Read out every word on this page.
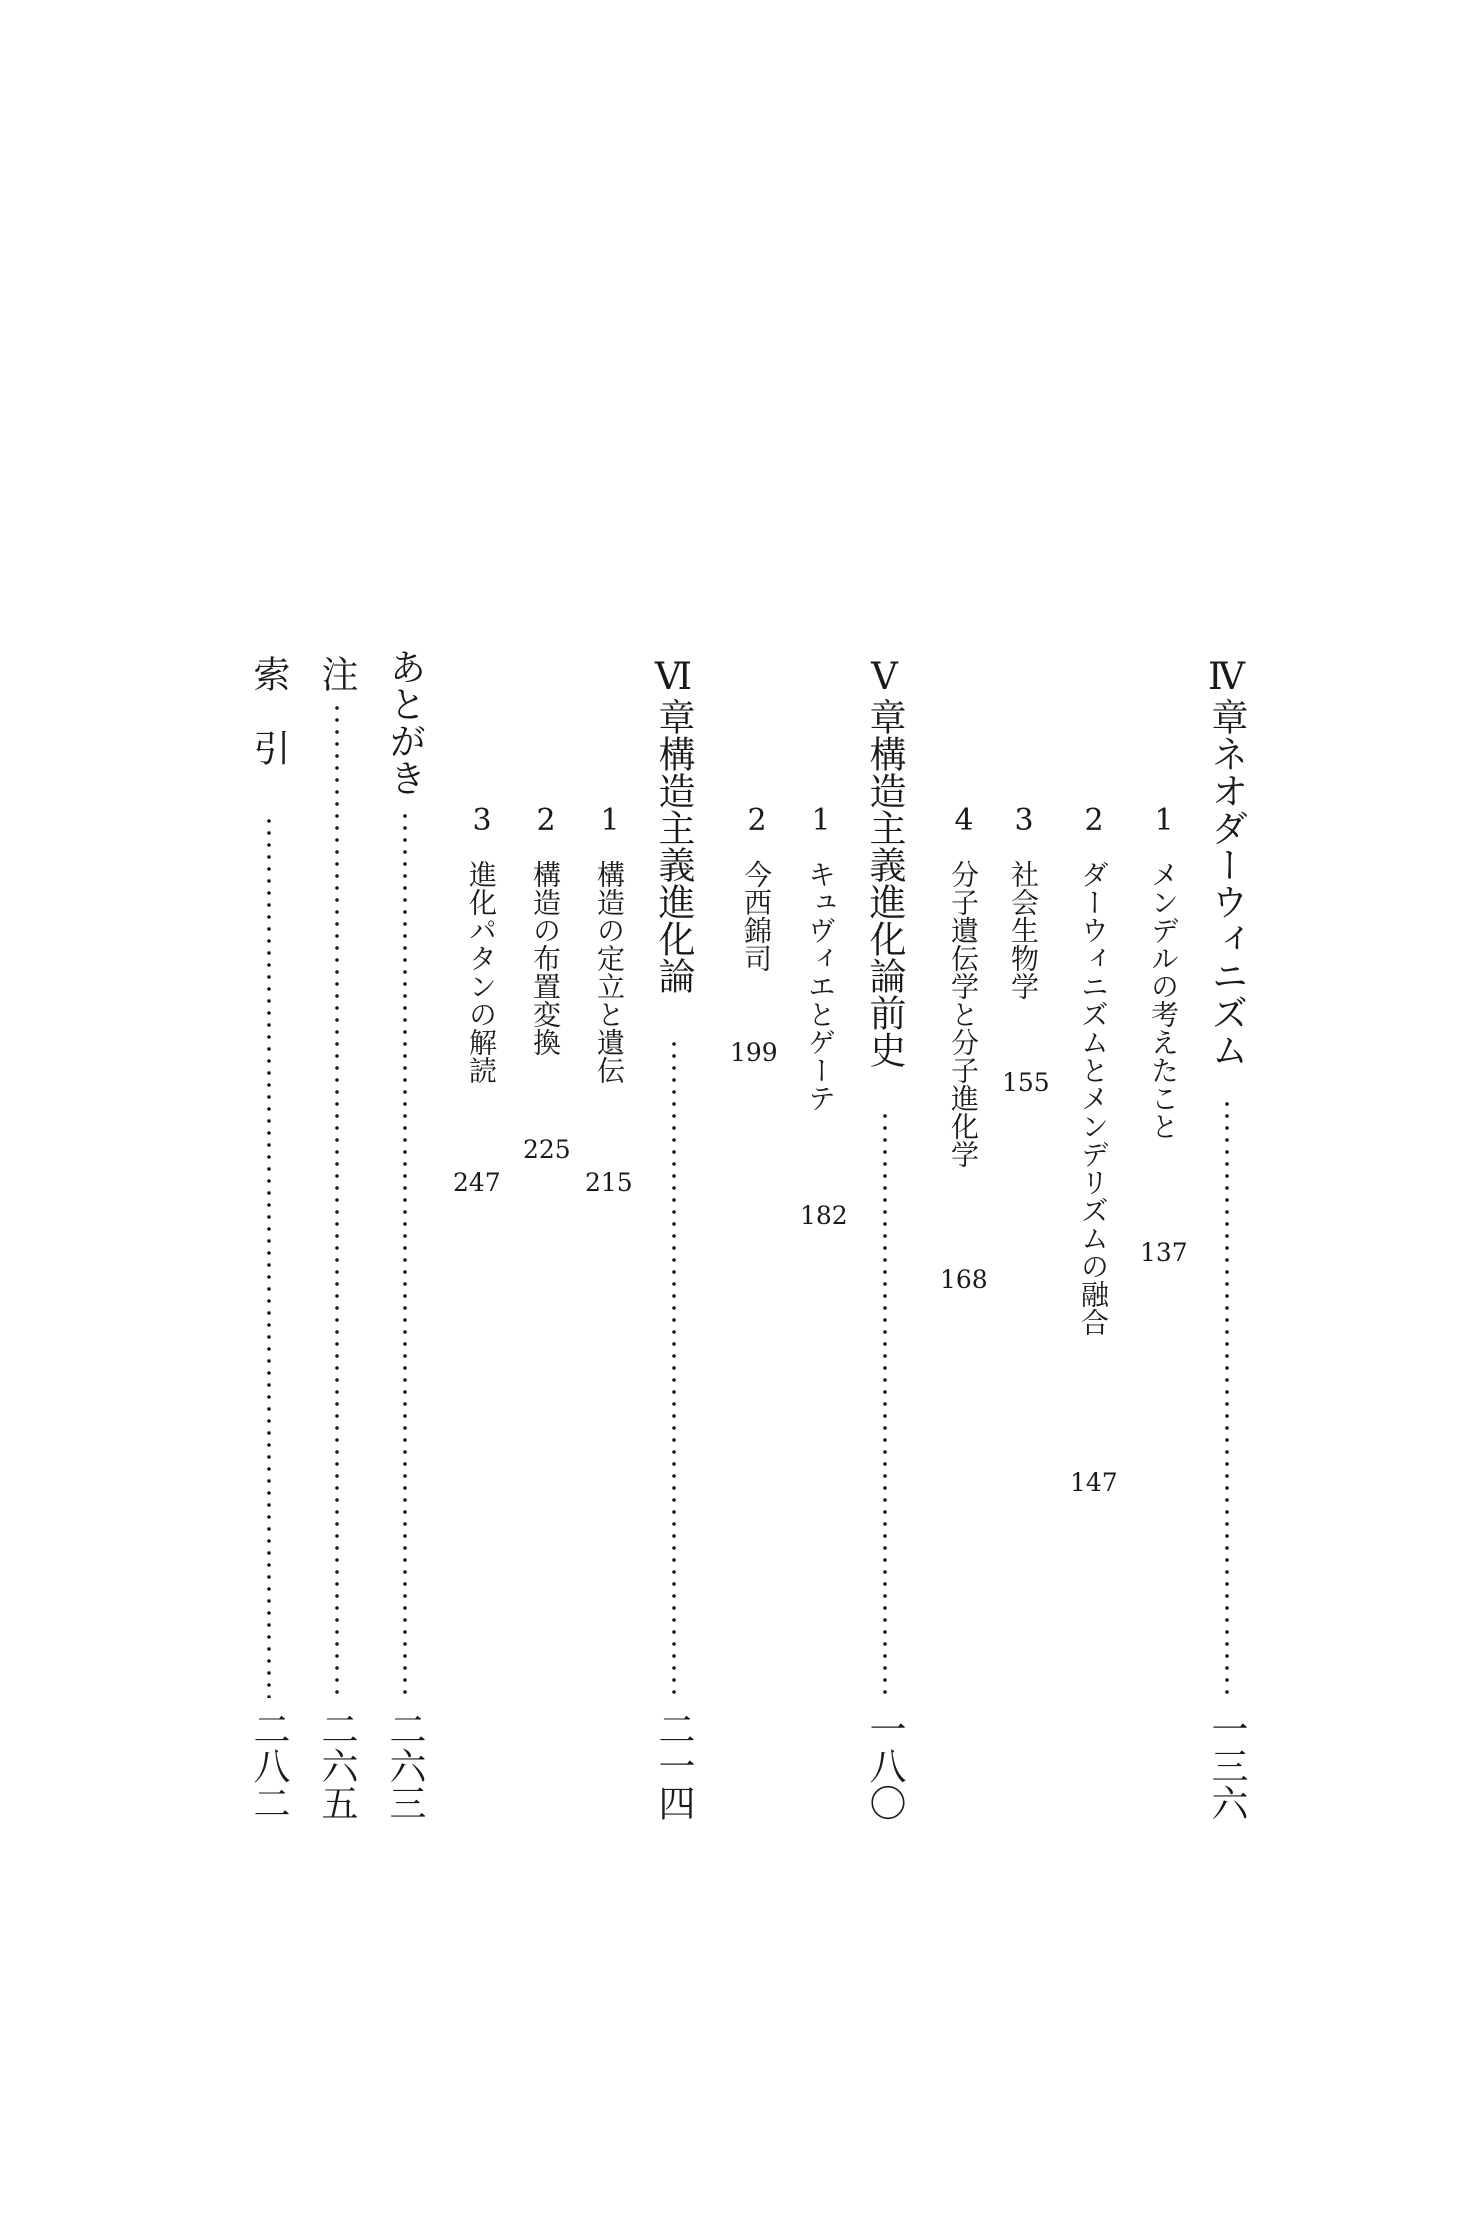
Ⅳ章
ネオダーウィニズム
一三六
1
メンデルの考えたこと
137
2
ダーウィニズムとメンデリズムの融合
147
3
社会生物学
155
4
分子遺伝学と分子進化学
168
Ⅴ章
構造主義進化論前史
一八〇
1
キュヴィエとゲーテ
182
2
今西錦司
199
Ⅵ章
構造主義進化論
二一四
1
構造の定立と遺伝
215
2
構造の布置変換
225
3
進化パタンの解読
247
あとがき
二六三
注
二六五
索　引
二八二
